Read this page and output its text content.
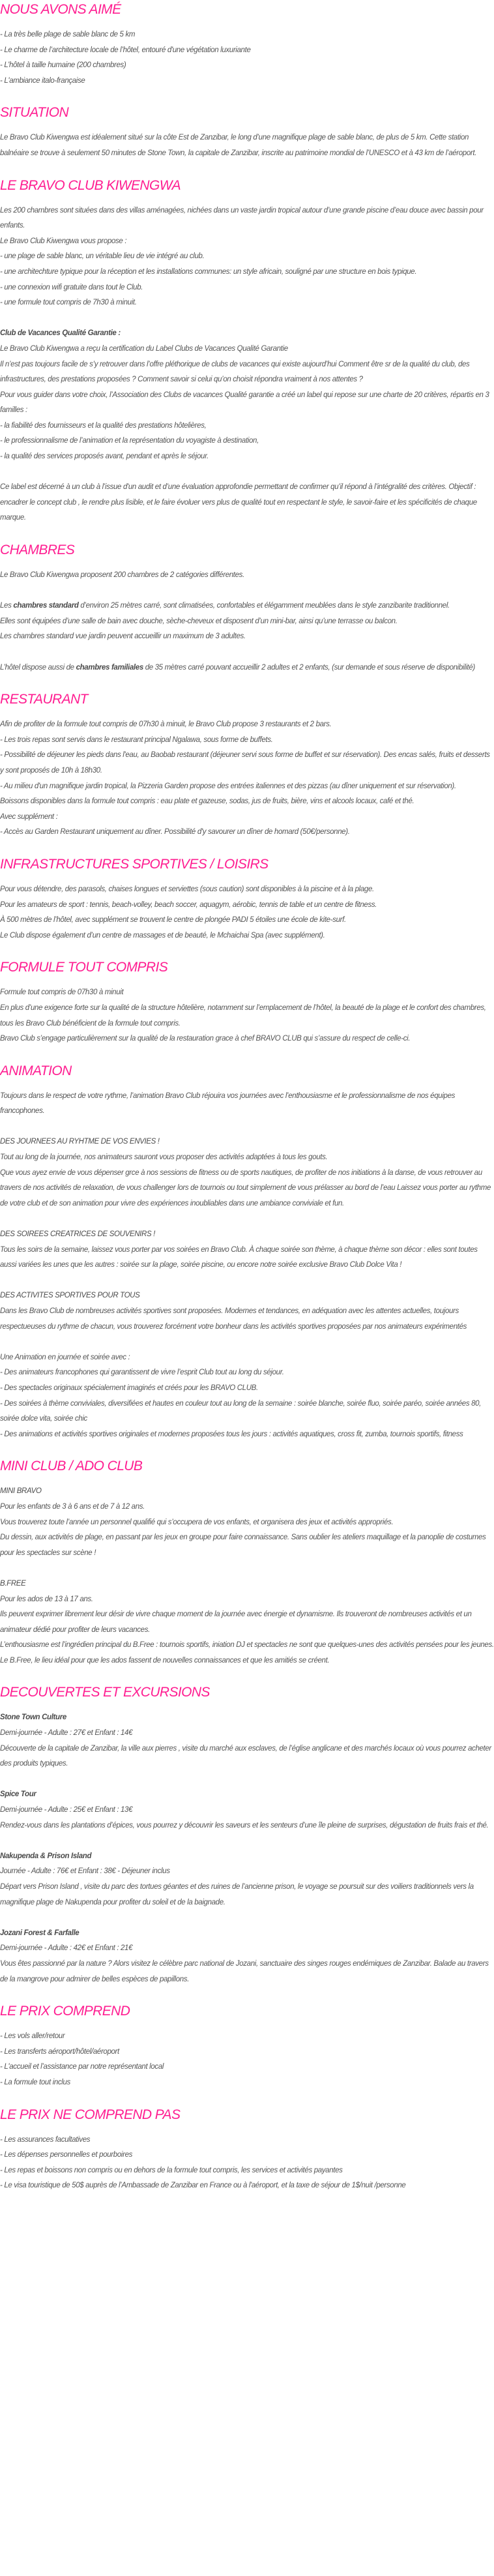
NOUS AVONS AIMÉ

- La très belle plage de sable blanc de 5 km

- Le charme de l’architecture locale de l’hôtel, entouré d'une végétation luxuriante

- L’hôtel à taille humaine (200 chambres)

- L'ambiance italo-française

SITUATION

Le Bravo Club Kiwengwa est idéalement situé sur la côte Est de Zanzibar, le long d’une magnifique plage de sable blanc, de plus de 5 km. Cette station balnéaire se trouve à seulement 50 minutes de Stone Town, la capitale de Zanzibar, inscrite au patrimoine mondial de l’UNESCO et à 43 km de l’aéroport.

LE BRAVO CLUB KIWENGWA

Les 200 chambres sont situées dans des villas aménagées, nichées dans un vaste jardin tropical autour d’une grande piscine d’eau douce avec bassin pour enfants.

Le Bravo Club Kiwengwa vous propose :

- une plage de sable blanc, un véritable lieu de vie intégré au club.

- une architechture typique pour la réception et les installations communes: un style africain, souligné par une structure en bois typique.

- une connexion wifi gratuite dans tout le Club.

- une formule tout compris de 7h30 à minuit.

Club de Vacances Qualité Garantie :

Le Bravo Club Kiwengwa a reçu la certification du Label Clubs de Vacances Qualité Garantie

Il n’est pas toujours facile de s’y retrouver dans l’offre pléthorique de clubs de vacances qui existe aujourd’hui Comment être sr de la qualité du club, des infrastructures, des prestations proposées ? Comment savoir si celui qu’on choisit répondra vraiment à nos attentes ?

Pour vous guider dans votre choix, l’Association des Clubs de vacances Qualité garantie a créé un label qui repose sur une charte de 20 critères, répartis en 3 familles :

- la fiabilité des fournisseurs et la qualité des prestations hôtelières,

- le professionnalisme de l’animation et la représentation du voyagiste à destination,

- la qualité des services proposés avant, pendant et après le séjour.

Ce label est décerné à un club à l’issue d'un audit et d’une évaluation approfondie permettant de confirmer qu’il répond à l’intégralité des critères. Objectif : encadrer le concept club , le rendre plus lisible, et le faire évoluer vers plus de qualité tout en respectant le style, le savoir-faire et les spécificités de chaque marque.

CHAMBRES

Le Bravo Club Kiwengwa proposent 200 chambres de 2 catégories différentes.

Les chambres standard d’environ 25 mètres carré, sont climatisées, confortables et élégamment meublées dans le style zanzibarite traditionnel.

Elles sont équipées d’une salle de bain avec douche, sèche-cheveux et disposent d’un mini-bar, ainsi qu’une terrasse ou balcon.

Les chambres standard vue jardin peuvent accueillir un maximum de 3 adultes.

L’hôtel dispose aussi de chambres familiales de 35 mètres carré pouvant accueillir 2 adultes et 2 enfants, (sur demande et sous réserve de disponibilité)

RESTAURANT

Afin de profiter de la formule tout compris de 07h30 à minuit, le Bravo Club propose 3 restaurants et 2 bars.

- Les trois repas sont servis dans le restaurant principal Ngalawa, sous forme de buffets.

- Possibilité de déjeuner les pieds dans l'eau, au Baobab restaurant (déjeuner servi sous forme de buffet et sur réservation). Des encas salés, fruits et desserts y sont proposés de 10h à 18h30.

- Au milieu d'un magnifique jardin tropical, la Pizzeria Garden propose des entrées italiennes et des pizzas (au dîner uniquement et sur réservation).

Boissons disponibles dans la formule tout compris : eau plate et gazeuse, sodas, jus de fruits, bière, vins et alcools locaux, café et thé.

Avec supplément :

- Accès au Garden Restaurant uniquement au dîner. Possibilité d'y savourer un dîner de homard (50€/personne).

INFRASTRUCTURES SPORTIVES / LOISIRS

Pour vous détendre, des parasols, chaises longues et serviettes (sous caution) sont disponibles à la piscine et à la plage.

Pour les amateurs de sport : tennis, beach-volley, beach soccer, aquagym, aérobic, tennis de table et un centre de fitness.

À 500 mètres de l’hôtel, avec supplément se trouvent le centre de plongée PADI 5 étoiles une école de kite-surf.

Le Club dispose également d’un centre de massages et de beauté, le Mchaichai Spa (avec supplément).

FORMULE TOUT COMPRIS

Formule tout compris de 07h30 à minuit

En plus d’une exigence forte sur la qualité de la structure hôtelière, notamment sur l’emplacement de l’hôtel, la beauté de la plage et le confort des chambres, tous les Bravo Club bénéficient de la formule tout compris.

Bravo Club s’engage particulièrement sur la qualité de la restauration grace à chef BRAVO CLUB qui s’assure du respect de celle-ci.

ANIMATION

Toujours dans le respect de votre rythme, l’animation Bravo Club réjouira vos journées avec l’enthousiasme et le professionnalisme de nos équipes francophones.

DES JOURNEES AU RYHTME DE VOS ENVIES !

Tout au long de la journée, nos animateurs sauront vous proposer des activités adaptées à tous les gouts.

Que vous ayez envie de vous dépenser grce à nos sessions de fitness ou de sports nautiques, de profiter de nos initiations à la danse, de vous retrouver au travers de nos activités de relaxation, de vous challenger lors de tournois ou tout simplement de vous prélasser au bord de l’eau Laissez vous porter au rythme de votre club et de son animation pour vivre des expériences inoubliables dans une ambiance conviviale et fun.

DES SOIREES CREATRICES DE SOUVENIRS !

Tous les soirs de la semaine, laissez vous porter par vos soirées en Bravo Club. À chaque soirée son thème, à chaque thème son décor : elles sont toutes aussi variées les unes que les autres : soirée sur la plage, soirée piscine, ou encore notre soirée exclusive Bravo Club Dolce Vita !

DES ACTIVITES SPORTIVES POUR TOUS

Dans les Bravo Club de nombreuses activités sportives sont proposées. Modernes et tendances, en adéquation avec les attentes actuelles, toujours respectueuses du rythme de chacun, vous trouverez forcément votre bonheur dans les activités sportives proposées par nos animateurs expérimentés

Une Animation en journée et soirée avec :

- Des animateurs francophones qui garantissent de vivre l’esprit Club tout au long du séjour.

- Des spectacles originaux spécialement imaginés et créés pour les BRAVO CLUB.

- Des soirées à thème conviviales, diversifiées et hautes en couleur tout au long de la semaine : soirée blanche, soirée fluo, soirée paréo, soirée années 80, soirée dolce vita, soirée chic

- Des animations et activités sportives originales et modernes proposées tous les jours : activités aquatiques, cross fit, zumba, tournois sportifs, fitness

MINI CLUB / ADO CLUB

MINI BRAVO

Pour les enfants de 3 à 6 ans et de 7 à 12 ans.

Vous trouverez toute l’année un personnel qualifié qui s’occupera de vos enfants, et organisera des jeux et activités appropriés.

Du dessin, aux activités de plage, en passant par les jeux en groupe pour faire connaissance. Sans oublier les ateliers maquillage et la panoplie de costumes pour les spectacles sur scène !

B.FREE

Pour les ados de 13 à 17 ans.

Ils peuvent exprimer librement leur désir de vivre chaque moment de la journée avec énergie et dynamisme. Ils trouveront de nombreuses activités et un animateur dédié pour profiter de leurs vacances.

L’enthousiasme est l’ingrédien principal du B.Free : tournois sportifs, iniation DJ et spectacles ne sont que quelques-unes des activités pensées pour les jeunes.

Le B.Free, le lieu idéal pour que les ados fassent de nouvelles connaissances et que les amitiés se créent.

DECOUVERTES ET EXCURSIONS

Stone Town Culture

Demi-journée - Adulte : 27€ et Enfant : 14€

Découverte de la capitale de Zanzibar, la ville aux pierres , visite du marché aux esclaves, de l’église anglicane et des marchés locaux où vous pourrez acheter des produits typiques.

Spice Tour

Demi-journée - Adulte : 25€ et Enfant : 13€

Rendez-vous dans les plantations d’épices, vous pourrez y découvrir les saveurs et les senteurs d’une île pleine de surprises, dégustation de fruits frais et thé.

Nakupenda & Prison Island

Journée - Adulte : 76€ et Enfant : 38€ - Déjeuner inclus

Départ vers Prison Island , visite du parc des tortues géantes et des ruines de l’ancienne prison, le voyage se poursuit sur des voiliers traditionnels vers la magnifique plage de Nakupenda pour profiter du soleil et de la baignade.

Jozani Forest & Farfalle

Demi-journée - Adulte : 42€ et Enfant : 21€

Vous êtes passionné par la nature ? Alors visitez le célèbre parc national de Jozani, sanctuaire des singes rouges endémiques de Zanzibar. Balade au travers de la mangrove pour admirer de belles espèces de papillons.

LE PRIX COMPREND

- Les vols aller/retour

- Les transferts aéroport/hôtel/aéroport

- L'accueil et l’assistance par notre représentant local

- La formule tout inclus

LE PRIX NE COMPREND PAS

- Les assurances facultatives

- Les dépenses personnelles et pourboires

- Les repas et boissons non compris ou en dehors de la formule tout compris, les services et activités payantes

- Le visa touristique de 50$ auprès de l’Ambassade de Zanzibar en France ou à l'aéroport, et la taxe de séjour de 1$/nuit /personne
